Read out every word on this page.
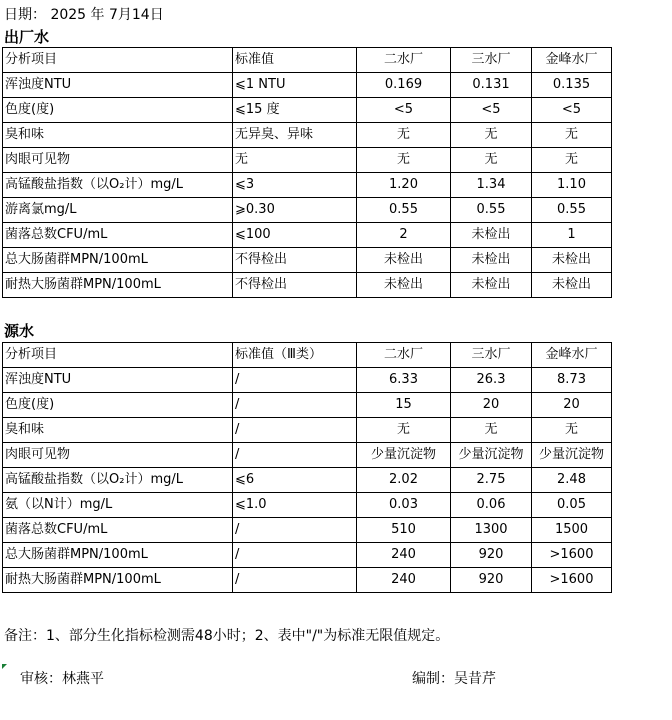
日期： 2025 年 7月14日
出厂水
分析项目	标准值	二水厂	三水厂	金峰水厂
浑浊度NTU	⩽1 NTU	0.169	0.131	0.135
色度(度)	⩽15 度	<5	<5	<5
臭和味	无异臭、异味	无	无	无
肉眼可见物	无	无	无	无
高锰酸盐指数（以O₂计）mg/L	⩽3	1.20	1.34	1.10
游离氯mg/L	⩾0.30	0.55	0.55	0.55
菌落总数CFU/mL	⩽100	2	未检出	1
总大肠菌群MPN/100mL	不得检出	未检出	未检出	未检出
耐热大肠菌群MPN/100mL	不得检出	未检出	未检出	未检出
源水
分析项目	标准值（Ⅲ类）	二水厂	三水厂	金峰水厂
浑浊度NTU	/	6.33	26.3	8.73
色度(度)	/	15	20	20
臭和味	/	无	无	无
肉眼可见物	/	少量沉淀物	少量沉淀物	少量沉淀物
高锰酸盐指数（以O₂计）mg/L	⩽6	2.02	2.75	2.48
氨（以N计）mg/L	⩽1.0	0.03	0.06	0.05
菌落总数CFU/mL	/	510	1300	1500
总大肠菌群MPN/100mL	/	240	920	>1600
耐热大肠菌群MPN/100mL	/	240	920	>1600
备注：1、部分生化指标检测需48小时；2、表中"/"为标准无限值规定。
审核：林燕平	编制：吴昔芹
